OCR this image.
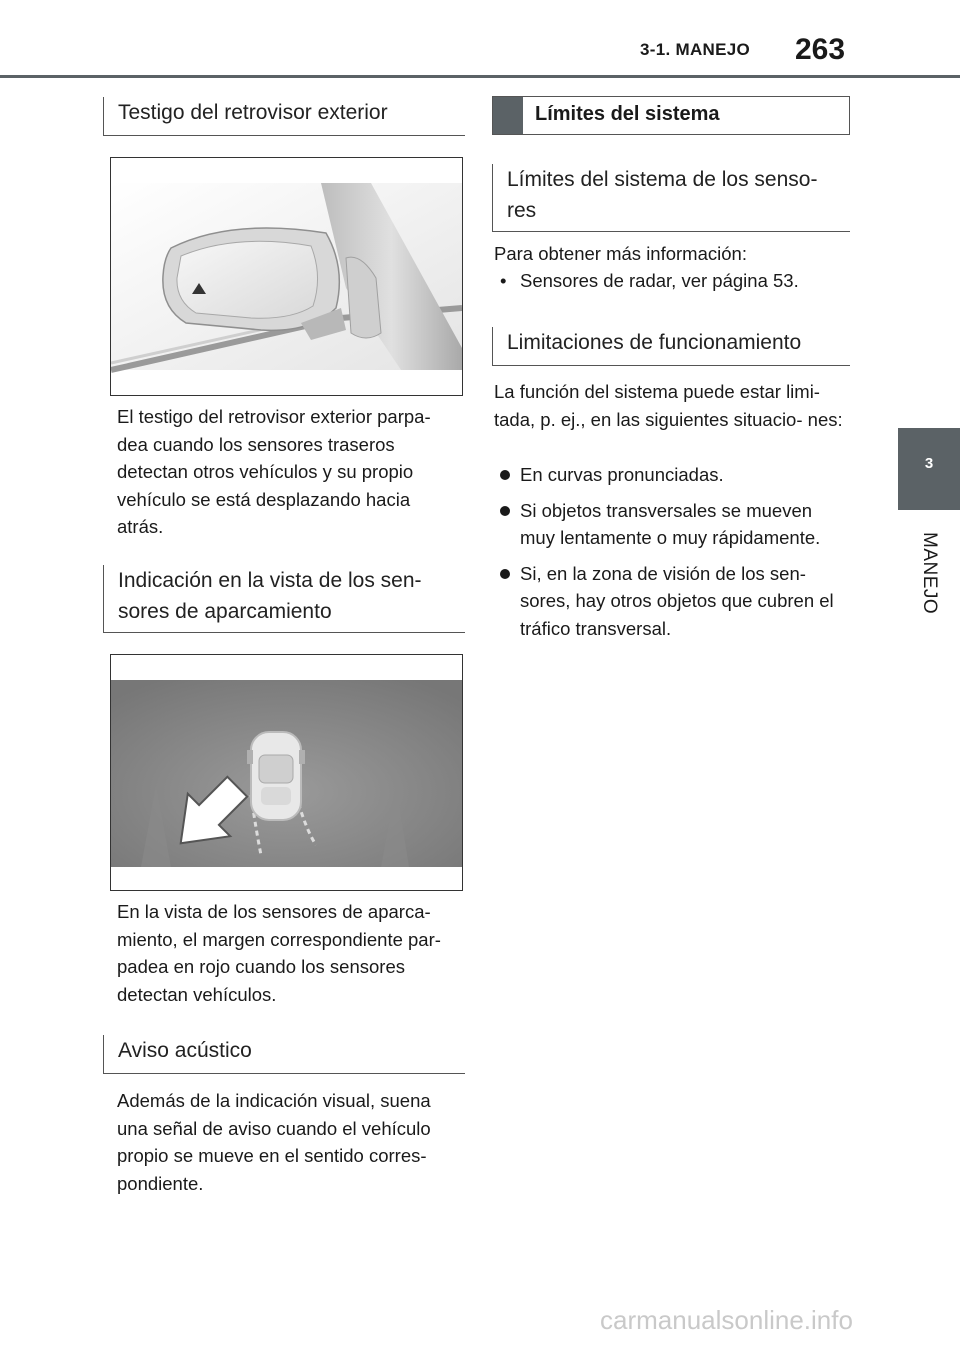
3-1. MANEJO 263
3
MANEJO
Testigo del retrovisor exterior

El testigo del retrovisor exterior parpa- dea cuando los sensores traseros detectan otros vehículos y su propio vehículo se está desplazando hacia atrás.

Indicación en la vista de los sen-
sores de aparcamiento

En la vista de los sensores de aparca- miento, el margen correspondiente par- padea en rojo cuando los sensores detectan vehículos.

Aviso acústico

Además de la indicación visual, suena una señal de aviso cuando el vehículo propio se mueve en el sentido corres- pondiente.

Límites del sistema
Límites del sistema de los senso-
res

Para obtener más información:

• Sensores de radar, ver página 53.
Limitaciones de funcionamiento

La función del sistema puede estar limi- tada, p. ej., en las siguientes situacio- nes:

En curvas pronunciadas.
Si objetos transversales se mueven muy lentamente o muy rápidamente.
Si, en la zona de visión de los sen- sores, hay otros objetos que cubren el tráfico transversal.
carmanualsonline.info
